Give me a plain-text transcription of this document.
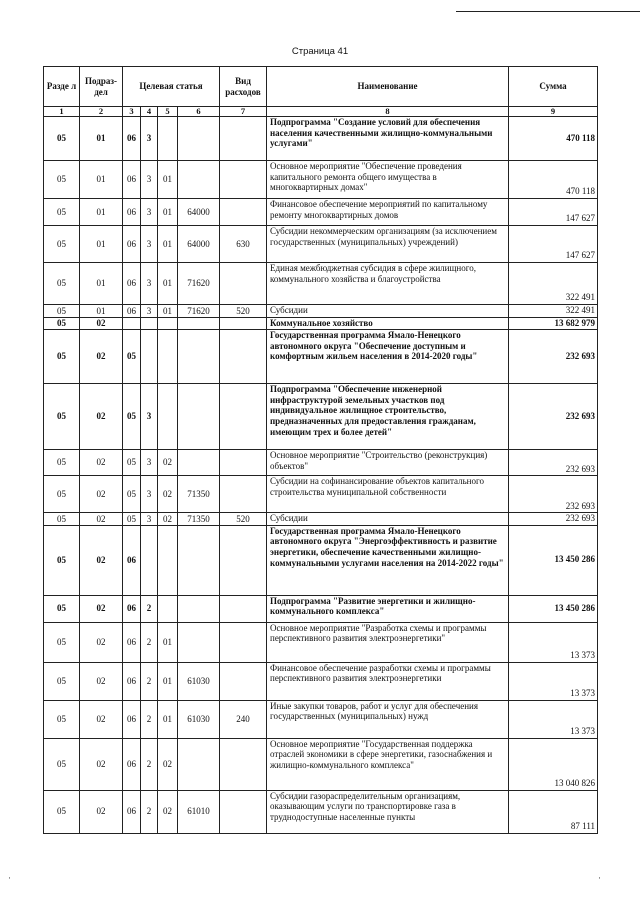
Страница 41
Разде л	Подраз-дел	Целевая статья				Вид расходов	Наименование	Сумма
1	2	3	4	5	6	7	8	9
05	01	06	3				Подпрограмма "Создание условий для обеспечения населения качественными жилищно-коммунальными услугами"	470 118
05	01	06	3	01			Основное мероприятие "Обеспечение проведения капитального ремонта общего имущества в многоквартирных домах"	470 118
05	01	06	3	01	64000		Финансовое обеспечение мероприятий по капитальному ремонту многоквартирных домов	147 627
05	01	06	3	01	64000	630	Субсидии некоммерческим организациям (за исключением государственных (муниципальных) учреждений)	147 627
05	01	06	3	01	71620		Единая межбюджетная субсидия в сфере жилищного, коммунального хозяйства и благоустройства	322 491
05	01	06	3	01	71620	520	Субсидии	322 491
05	02						Коммунальное хозяйство	13 682 979
05	02	05					Государственная программа Ямало-Ненецкого автономного округа "Обеспечение доступным и комфортным жильем населения в 2014-2020 годы"	232 693
05	02	05	3				Подпрограмма "Обеспечение инженерной инфраструктурой земельных участков под индивидуальное жилищное строительство, предназначенных для предоставления гражданам, имеющим трех и более детей"	232 693
05	02	05	3	02			Основное мероприятие "Строительство (реконструкция) объектов"	232 693
05	02	05	3	02	71350		Субсидии на софинансирование объектов капитального строительства муниципальной собственности	232 693
05	02	05	3	02	71350	520	Субсидии	232 693
05	02	06					Государственная программа Ямало-Ненецкого автономного округа "Энергоэффективность и развитие энергетики, обеспечение качественными жилищно-коммунальными услугами населения на 2014-2022 годы"	13 450 286
05	02	06	2				Подпрограмма "Развитие энергетики и жилищно-коммунального комплекса"	13 450 286
05	02	06	2	01			Основное мероприятие "Разработка схемы и программы перспективного развития электроэнергетики"	13 373
05	02	06	2	01	61030		Финансовое обеспечение разработки схемы и программы перспективного развития электроэнергетики	13 373
05	02	06	2	01	61030	240	Иные закупки товаров, работ и услуг для обеспечения государственных (муниципальных) нужд	13 373
05	02	06	2	02			Основное мероприятие "Государственная поддержка отраслей экономики в сфере энергетики, газоснабжения и жилищно-коммунального комплекса"	13 040 826
05	02	06	2	02	61010		Субсидии газораспределительным организациям, оказывающим услуги по транспортировке газа в труднодоступные населенные пункты	87 111
·	·
